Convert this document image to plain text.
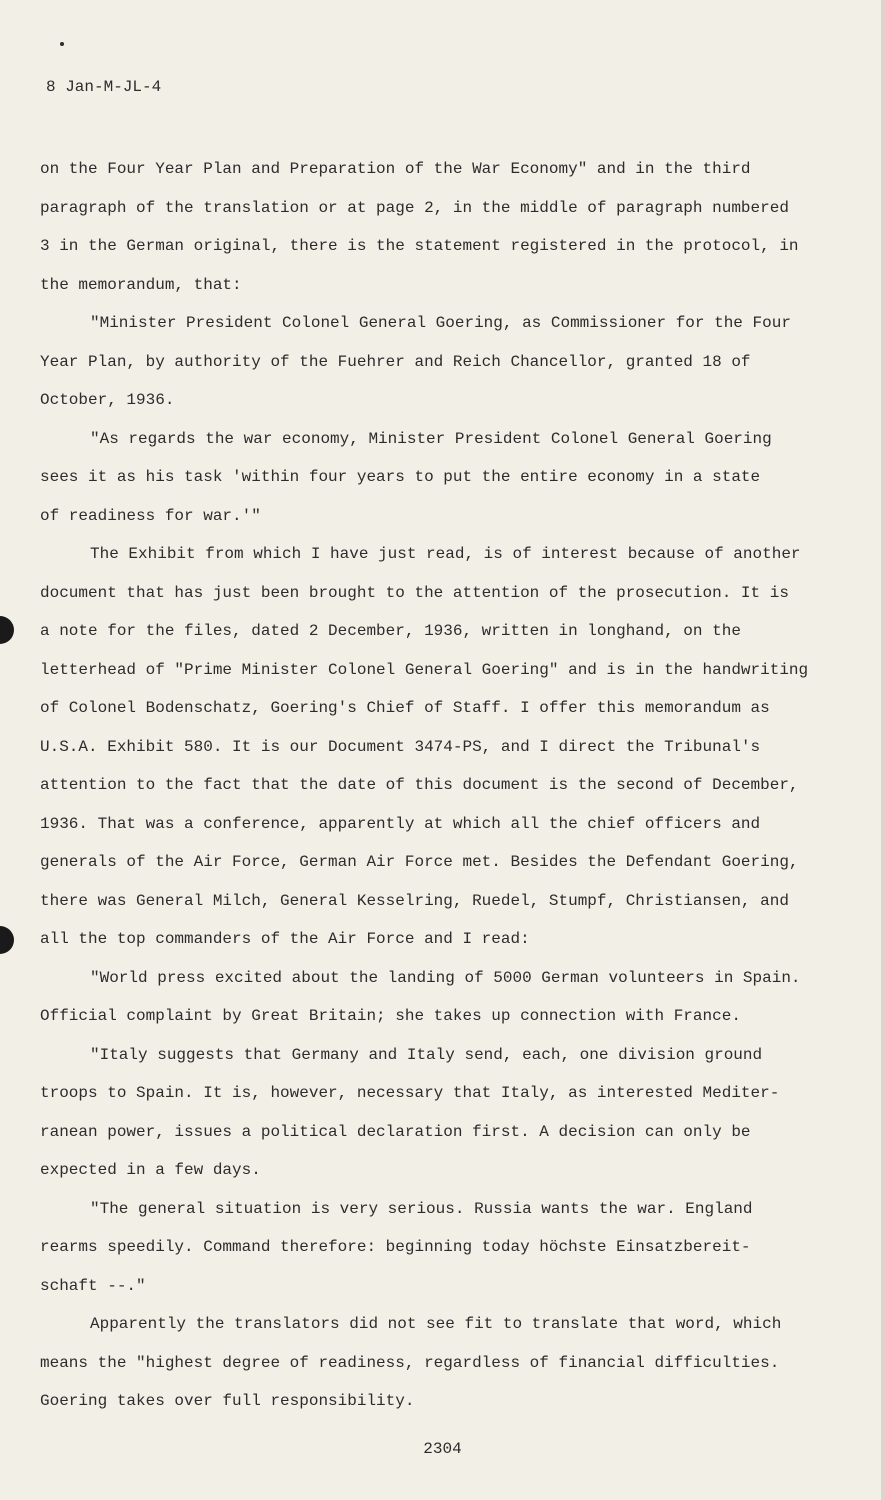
8 Jan-M-JL-4

on the Four Year Plan and Preparation of the War Economy" and in the third
paragraph of the translation or at page 2, in the middle of paragraph numbered
3 in the German original, there is the statement registered in the protocol, in
the memorandum, that:
"Minister President Colonel General Goering, as Commissioner for the Four
Year Plan, by authority of the Fuehrer and Reich Chancellor, granted 18 of
October, 1936.
"As regards the war economy, Minister President Colonel General Goering
sees it as his task 'within four years to put the entire economy in a state
of readiness for war.'"
The Exhibit from which I have just read, is of interest because of another
document that has just been brought to the attention of the prosecution. It is
a note for the files, dated 2 December, 1936, written in longhand, on the
letterhead of "Prime Minister Colonel General Goering" and is in the handwriting
of Colonel Bodenschatz, Goering's Chief of Staff. I offer this memorandum as
U.S.A. Exhibit 580. It is our Document 3474-PS, and I direct the Tribunal's
attention to the fact that the date of this document is the second of December,
1936. That was a conference, apparently at which all the chief officers and
generals of the Air Force, German Air Force met. Besides the Defendant Goering,
there was General Milch, General Kesselring, Ruedel, Stumpf, Christiansen, and
all the top commanders of the Air Force and I read:
"World press excited about the landing of 5000 German volunteers in Spain.
Official complaint by Great Britain; she takes up connection with France.
"Italy suggests that Germany and Italy send, each, one division ground
troops to Spain. It is, however, necessary that Italy, as interested Mediter-
ranean power, issues a political declaration first. A decision can only be
expected in a few days.
"The general situation is very serious. Russia wants the war. England
rearms speedily. Command therefore: beginning today höchste Einsatzbereit-
schaft --."
Apparently the translators did not see fit to translate that word, which
means the "highest degree of readiness, regardless of financial difficulties.
Goering takes over full responsibility.
2304
